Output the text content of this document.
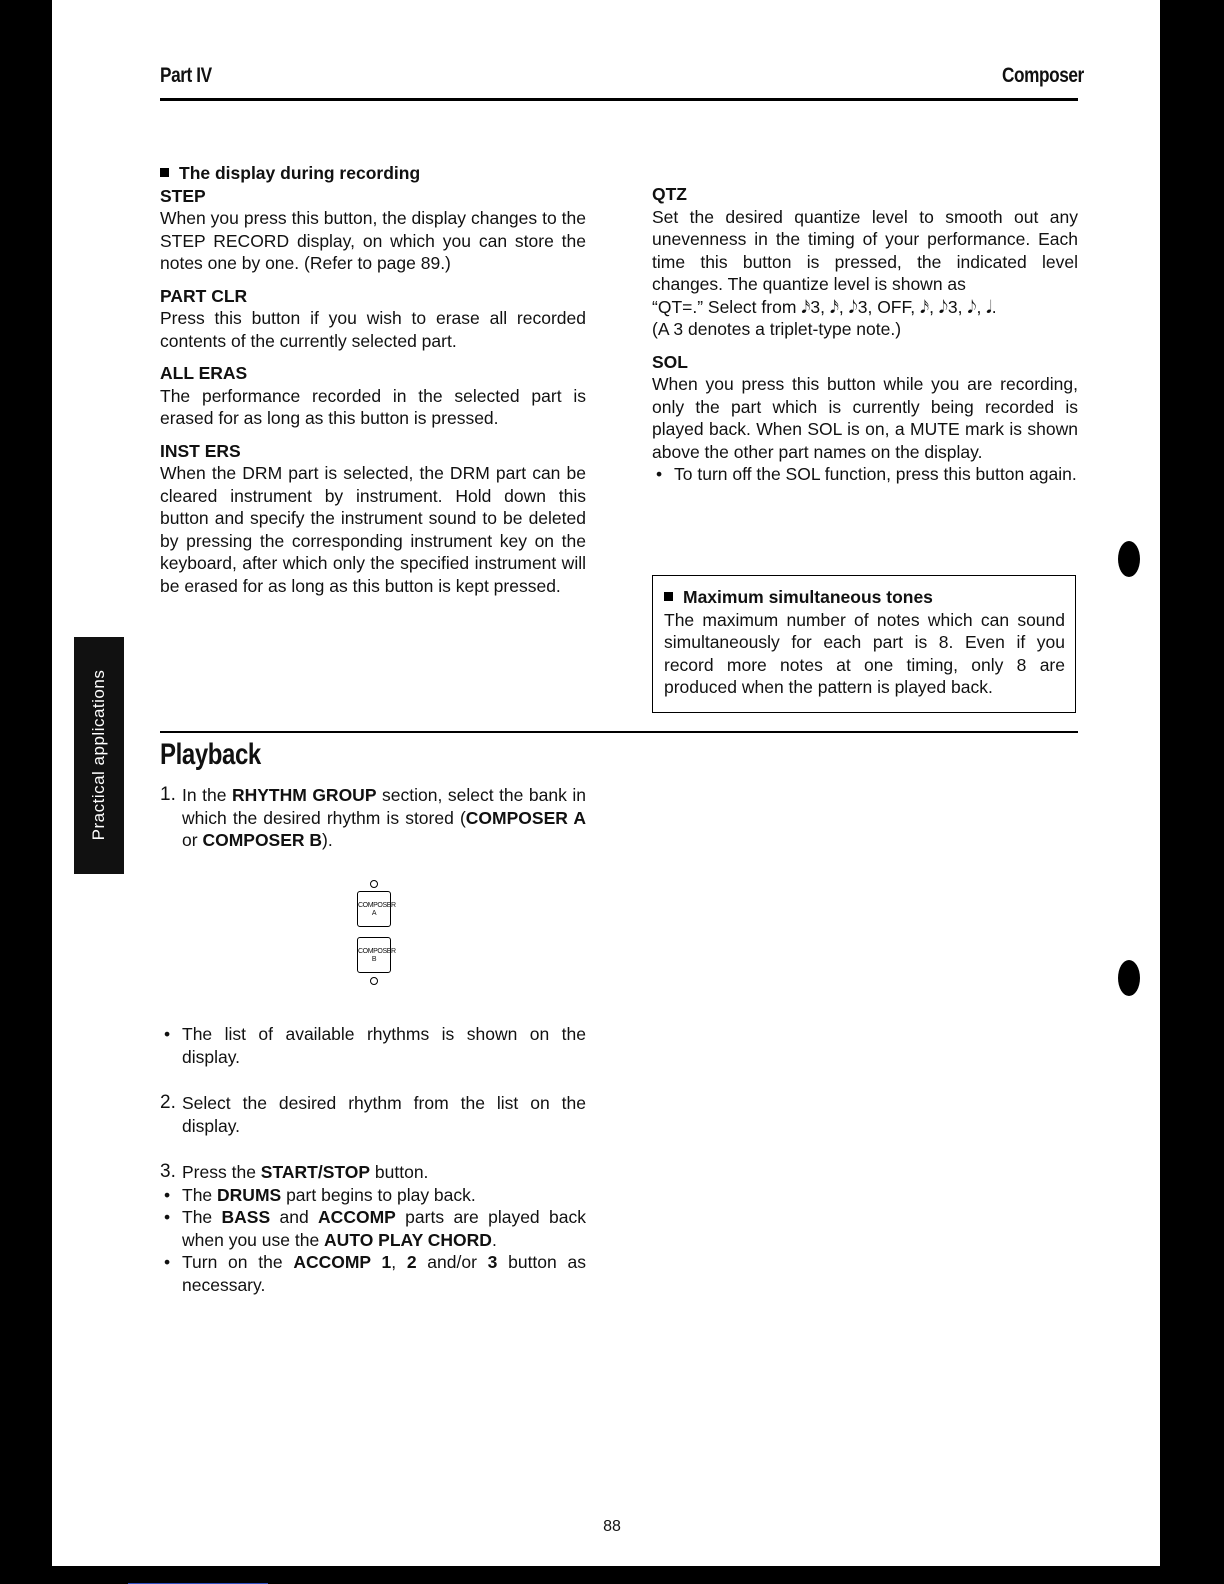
Practical applications
Part IV	Composer

The display during recording

STEP

When you press this button, the display changes to the STEP RECORD display, on which you can store the notes one by one. (Refer to page 89.)

PART CLR

Press this button if you wish to erase all recorded contents of the currently selected part.

ALL ERAS

The performance recorded in the selected part is erased for as long as this button is pressed.

INST ERS

When the DRM part is selected, the DRM part can be cleared instrument by instrument. Hold down this button and specify the instrument sound to be deleted by pressing the corresponding instrument key on the keyboard, after which only the specified instrument will be erased for as long as this button is kept pressed.

QTZ

Set the desired quantize level to smooth out any unevenness in the timing of your performance. Each time this button is pressed, the indicated level changes. The quantize level is shown as

“QT=.” Select from 𝅘𝅥𝅯3, 𝅘𝅥𝅯, 𝅘𝅥𝅮3, OFF, 𝅘𝅥𝅯, 𝅘𝅥𝅮3, 𝅘𝅥𝅮, 𝅘𝅥.

(A 3 denotes a triplet-type note.)

SOL

When you press this button while you are recording, only the part which is currently being recorded is played back. When SOL is on, a MUTE mark is shown above the other part names on the display.

• To turn off the SOL function, press this button again.

Maximum simultaneous tones

The maximum number of notes which can sound simultaneously for each part is 8. Even if you record more notes at one timing, only 8 are produced when the pattern is played back.

Playback

1. In the RHYTHM GROUP section, select the bank in which the desired rhythm is stored (COMPOSER A or COMPOSER B).

COMPOSER
A
COMPOSER
B

• The list of available rhythms is shown on the display.

2. Select the desired rhythm from the list on the display.

3. Press the START/STOP button.

• The DRUMS part begins to play back.

• The BASS and ACCOMP parts are played back when you use the AUTO PLAY CHORD.

• Turn on the ACCOMP 1, 2 and/or 3 button as necessary.

88
